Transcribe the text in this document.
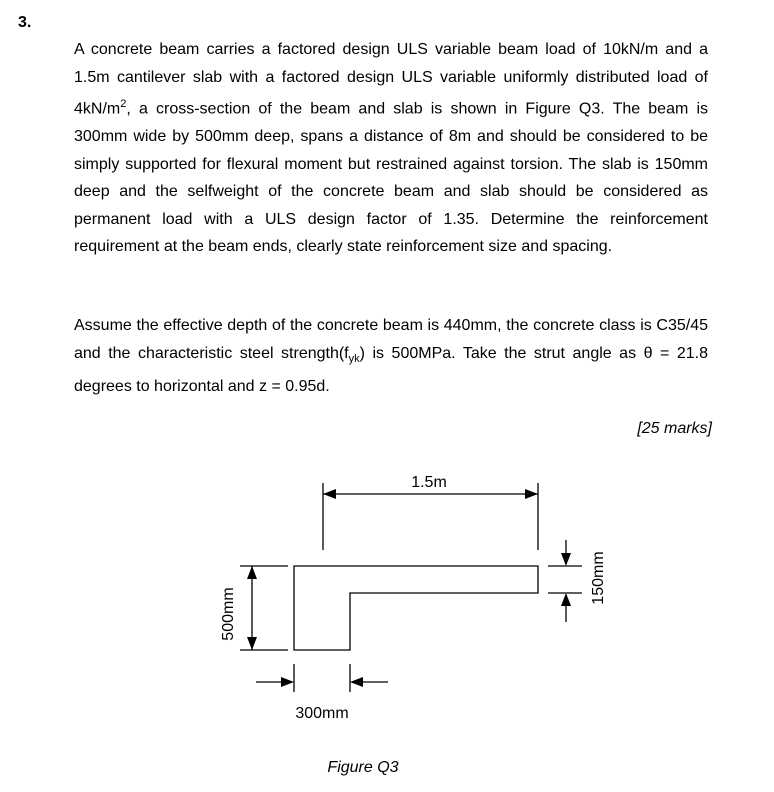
3.

A concrete beam carries a factored design ULS variable beam load of 10kN/m and a 1.5m cantilever slab with a factored design ULS variable uniformly distributed load of $4kN/m^2$, a cross-section of the beam and slab is shown in Figure Q3. The beam is 300mm wide by 500mm deep, spans a distance of 8m and should be considered to be simply supported for flexural moment but restrained against torsion. The slab is 150mm deep and the selfweight of the concrete beam and slab should be considered as permanent load with a ULS design factor of 1.35. Determine the reinforcement requirement at the beam ends, clearly state reinforcement size and spacing.

Assume the effective depth of the concrete beam is 440mm, the concrete class is C35/45 and the characteristic steel $strength(f_{yk})$ is 500MPa. Take the strut angle as θ = 21.8 degrees to horizontal and z = 0.95d.

[25 marks]
1.5m
300mm
500mm
150mm
Figure Q3
